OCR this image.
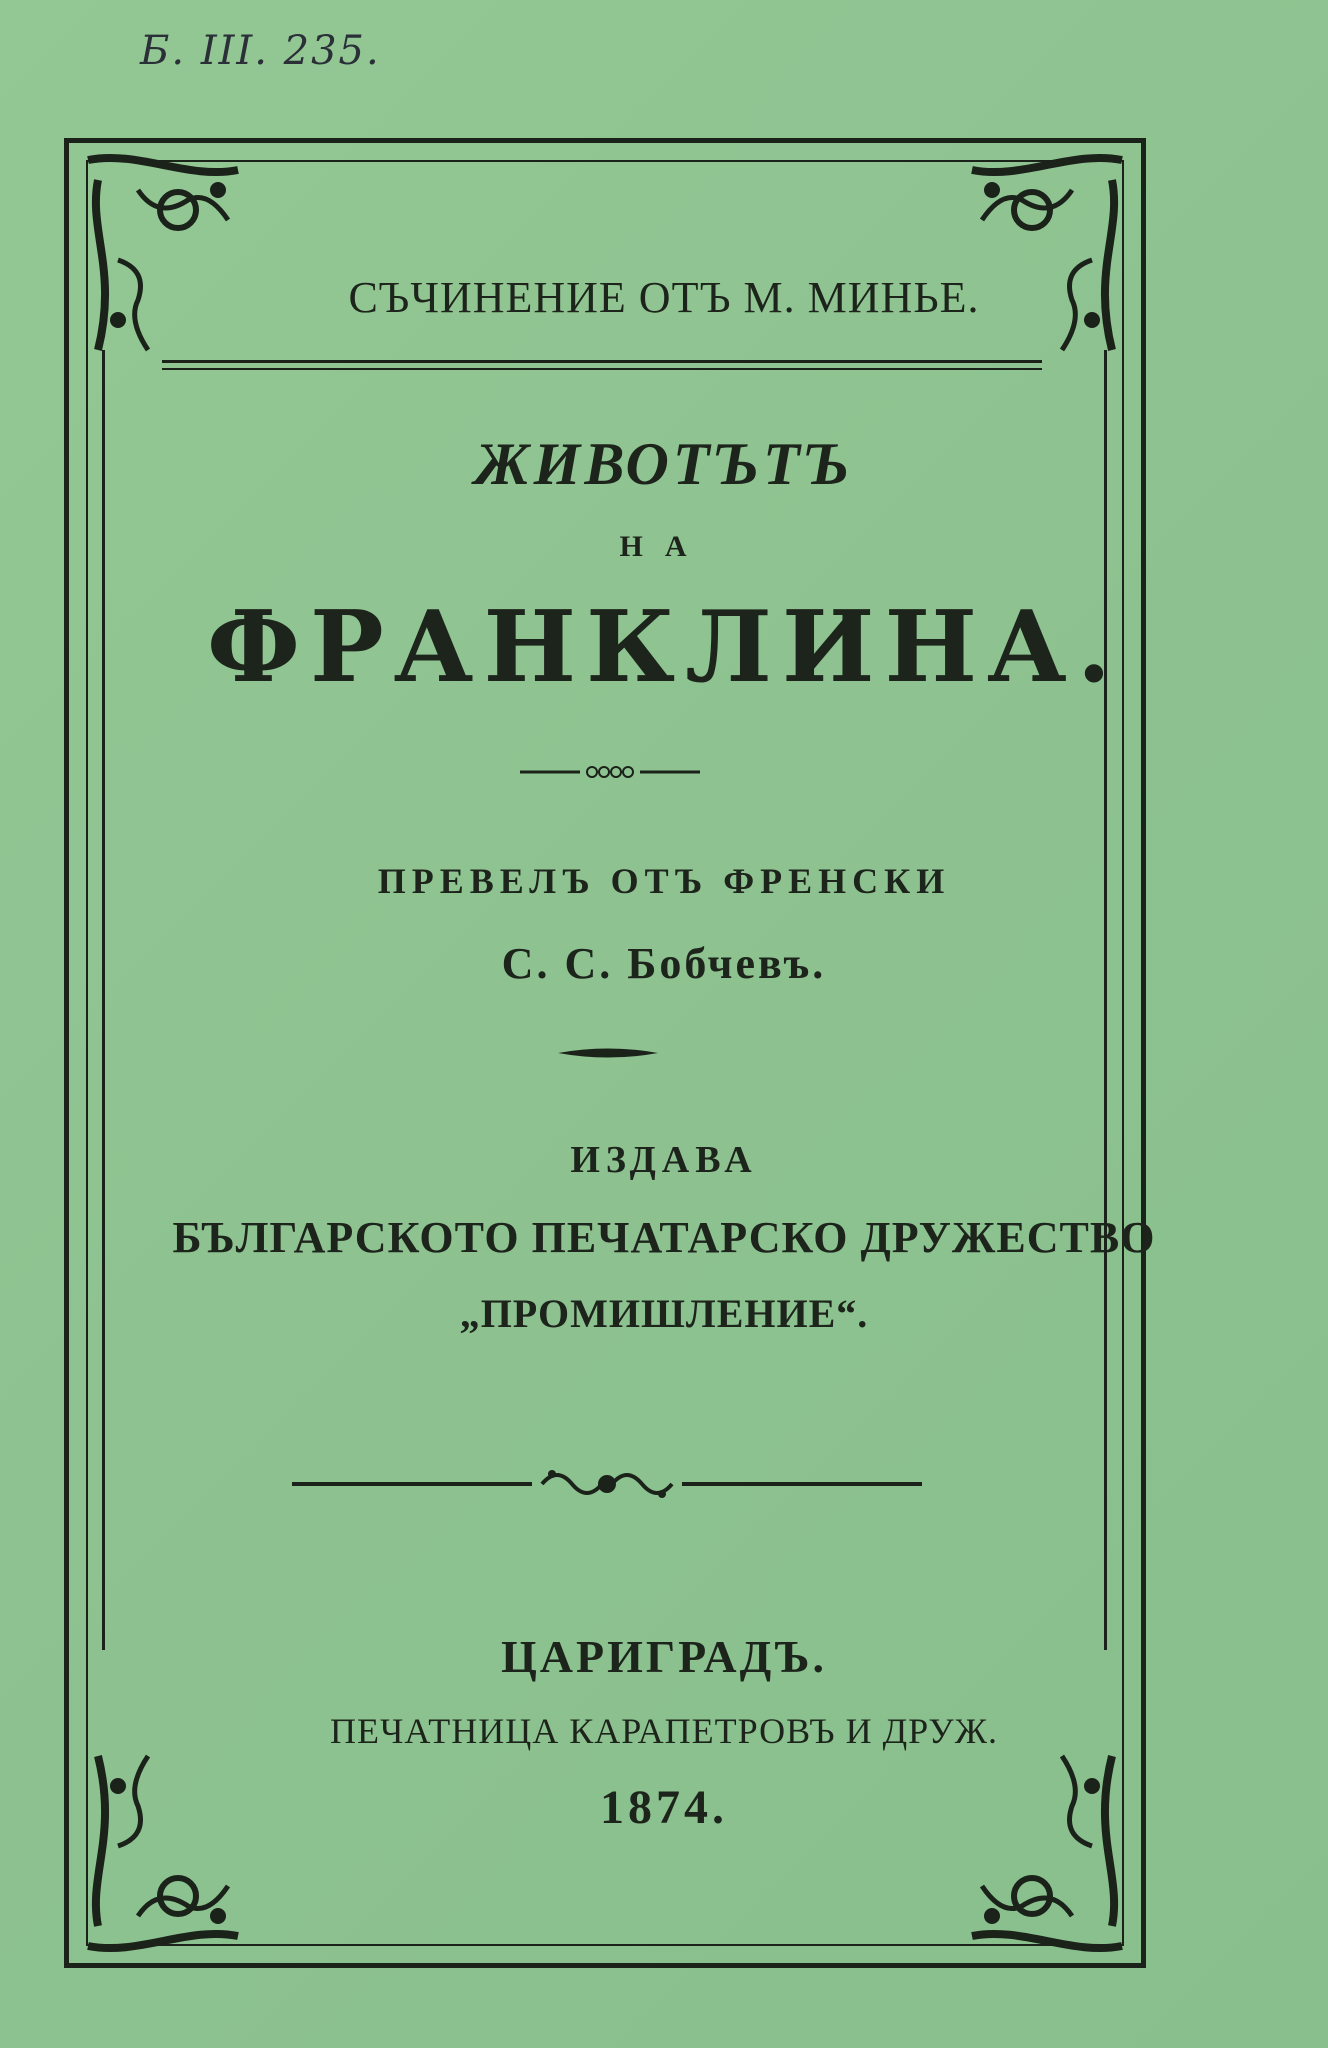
Б. III. 235.
СЪЧИНЕНИЕ ОТЪ М. МИНЬЕ.
ЖИВОТЪТЪ
НА
ФРАНКЛИНА.
ПРЕВЕЛЪ ОТЪ ФРЕНСКИ
С. С. Бобчевъ.
ИЗДАВА
БЪЛГАРСКОТО ПЕЧАТАРСКО ДРУЖЕСТВО
„ПРОМИШЛЕНИЕ“.
ЦАРИГРАДЪ.
ПЕЧАТНИЦА КАРАПЕТРОВЪ И ДРУЖ.
1874.
